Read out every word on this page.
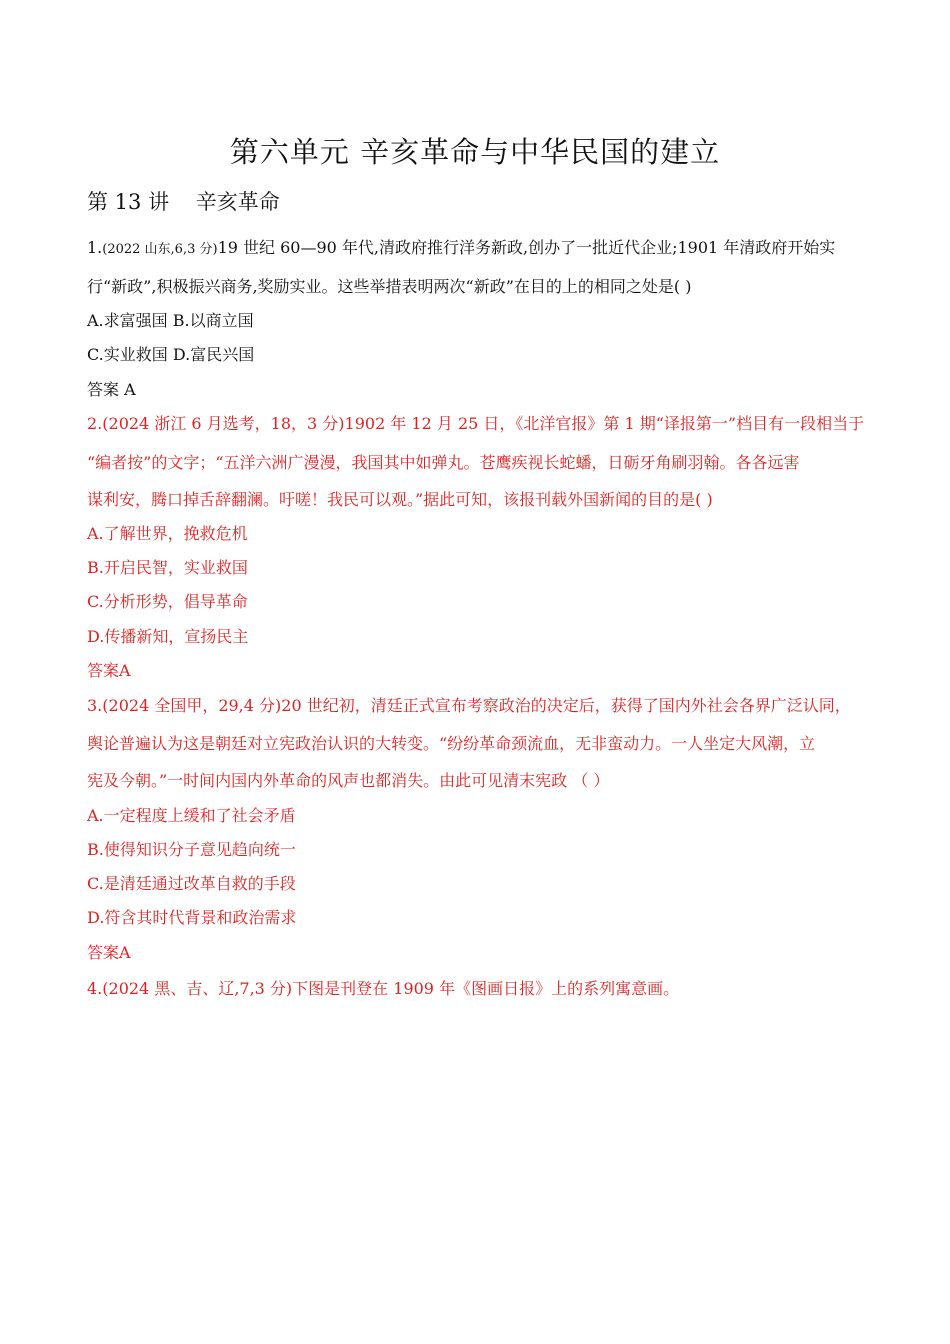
第六单元 辛亥革命与中华民国的建立
第 13 讲    辛亥革命
1.(2022 山东,6,3 分)19 世纪 60—90 年代,清政府推行洋务新政,创办了一批近代企业;1901 年清政府开始实
行“新政”,积极振兴商务,奖励实业。这些举措表明两次“新政”在目的上的相同之处是( )
A.求富强国 B.以商立国
C.实业救国 D.富民兴国
答案 A
2.(2024 浙江 6 月选考，18，3 分)1902 年 12 月 25 日，《北洋官报》第 1 期“译报第一”档目有一段相当于
“编者按”的文字；“五洋六洲广漫漫，我国其中如弹丸。苍鹰疾视长蛇蟠，日砺牙角刷羽翰。各各远害
谋利安，腾口掉舌辞翻澜。吁嗟！我民可以观。”据此可知，该报刊载外国新闻的目的是( )
A.了解世界，挽救危机
B.开启民智，实业救国
C.分析形势，倡导革命
D.传播新知，宣扬民主
答案A
3.(2024 全国甲，29,4 分)20 世纪初，清廷正式宣布考察政治的决定后，获得了国内外社会各界广泛认同，
舆论普遍认为这是朝廷对立宪政治认识的大转变。“纷纷革命颈流血，无非蛮动力。一人坐定大风潮，立
宪及今朝。”一时间内国内外革命的风声也都消失。由此可见清末宪政 （ ）
A.一定程度上缓和了社会矛盾
B.使得知识分子意见趋向统一
C.是清廷通过改革自救的手段
D.符含其时代背景和政治需求
答案A
4.(2024 黑、吉、辽,7,3 分)下图是刊登在 1909 年《图画日报》上的系列寓意画。
